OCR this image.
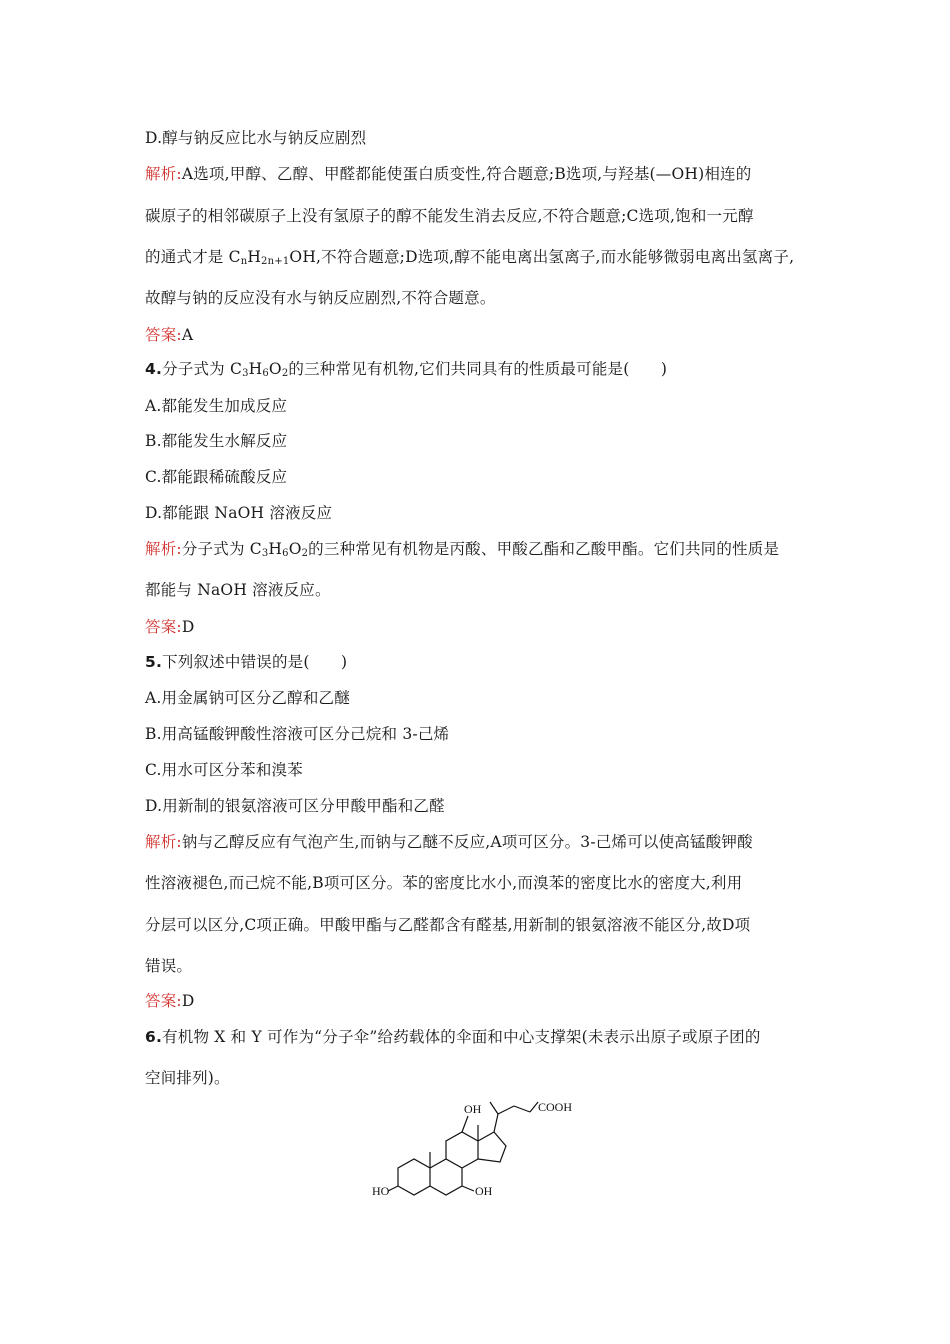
D.醇与钠反应比水与钠反应剧烈
解析:A选项,甲醇、乙醇、甲醛都能使蛋白质变性,符合题意;B选项,与羟基(—OH)相连的
碳原子的相邻碳原子上没有氢原子的醇不能发生消去反应,不符合题意;C选项,饱和一元醇
的通式才是 $C_nH_{2n+1}OH$,不符合题意;D选项,醇不能电离出氢离子,而水能够微弱电离出氢离子,
故醇与钠的反应没有水与钠反应剧烈,不符合题意。
答案:A
4.分子式为 $C_3H_6O_2$的三种常见有机物,它们共同具有的性质最可能是(　　)
A.都能发生加成反应
B.都能发生水解反应
C.都能跟稀硫酸反应
D.都能跟 NaOH 溶液反应
解析:分子式为 $C_3H_6O_2$的三种常见有机物是丙酸、甲酸乙酯和乙酸甲酯。它们共同的性质是
都能与 NaOH 溶液反应。
答案:D
5.下列叙述中错误的是(　　)
A.用金属钠可区分乙醇和乙醚
B.用高锰酸钾酸性溶液可区分己烷和 3-己烯
C.用水可区分苯和溴苯
D.用新制的银氨溶液可区分甲酸甲酯和乙醛
解析:钠与乙醇反应有气泡产生,而钠与乙醚不反应,A项可区分。3-己烯可以使高锰酸钾酸
性溶液褪色,而己烷不能,B项可区分。苯的密度比水小,而溴苯的密度比水的密度大,利用
分层可以区分,C项正确。甲酸甲酯与乙醛都含有醛基,用新制的银氨溶液不能区分,故D项
错误。
答案:D
6.有机物 X 和 Y 可作为“分子伞”给药载体的伞面和中心支撑架(未表示出原子或原子团的
空间排列)。
OH	COOH
HO	OH
